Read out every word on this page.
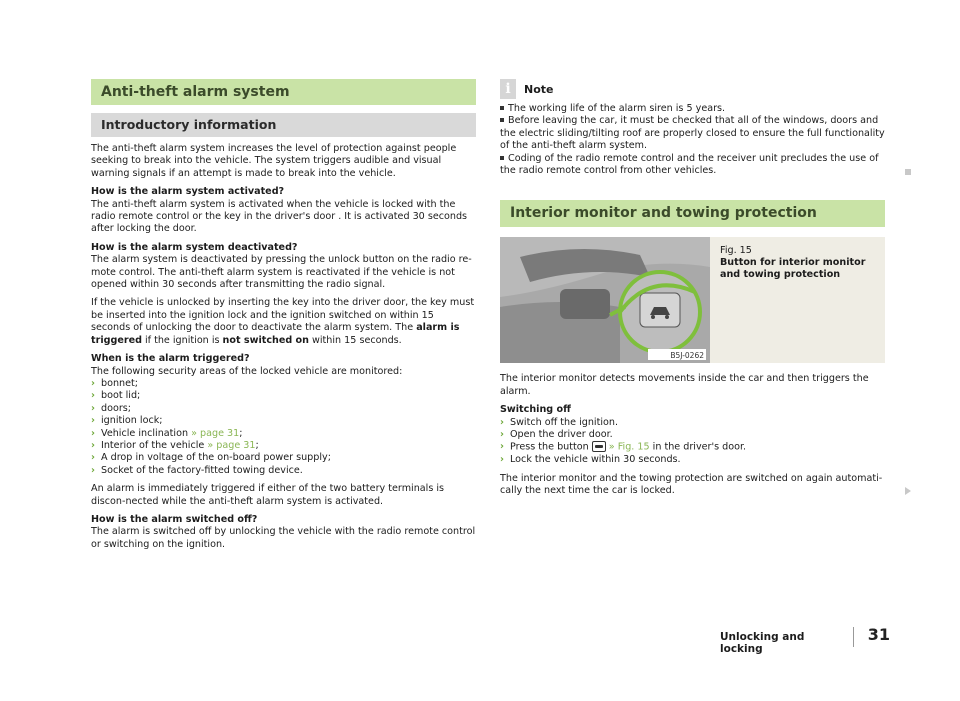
Anti-theft alarm system
Introductory information

The anti-theft alarm system increases the level of protection against people seeking to break into the vehicle. The system triggers audible and visual warning signals if an attempt is made to break into the vehicle.

How is the alarm system activated?

The anti-theft alarm system is activated when the vehicle is locked with the radio remote control or the key in the driver's door . It is activated 30 seconds after locking the door.

How is the alarm system deactivated?

The alarm system is deactivated by pressing the unlock button on the radio re-mote control. The anti-theft alarm system is reactivated if the vehicle is not opened within 30 seconds after transmitting the radio signal.

If the vehicle is unlocked by inserting the key into the driver door, the key must be inserted into the ignition lock and the ignition switched on within 15 seconds of unlocking the door to deactivate the alarm system. The alarm is triggered if the ignition is not switched on within 15 seconds.

When is the alarm triggered?

The following security areas of the locked vehicle are monitored:

› bonnet;
› boot lid;
› doors;
› ignition lock;
› Vehicle inclination » page 31;
› Interior of the vehicle » page 31;
› A drop in voltage of the on-board power supply;
› Socket of the factory-fitted towing device.

An alarm is immediately triggered if either of the two battery terminals is discon-nected while the anti-theft alarm system is activated.

How is the alarm switched off?

The alarm is switched off by unlocking the vehicle with the radio remote control or switching on the ignition.

i	Note

The working life of the alarm siren is 5 years.

Before leaving the car, it must be checked that all of the windows, doors and the electric sliding/tilting roof are properly closed to ensure the full functionality of the anti-theft alarm system.

Coding of the radio remote control and the receiver unit precludes the use of the radio remote control from other vehicles.

Interior monitor and towing protection
B5J-0262
Fig. 15
Button for interior monitor and towing protection

The interior monitor detects movements inside the car and then triggers the alarm.

Switching off

› Switch off the ignition.
› Open the driver door.
› Press the button
» Fig. 15 in the driver's door.
› Lock the vehicle within 30 seconds.

The interior monitor and the towing protection are switched on again automati-cally the next time the car is locked.

Unlocking and locking
31
